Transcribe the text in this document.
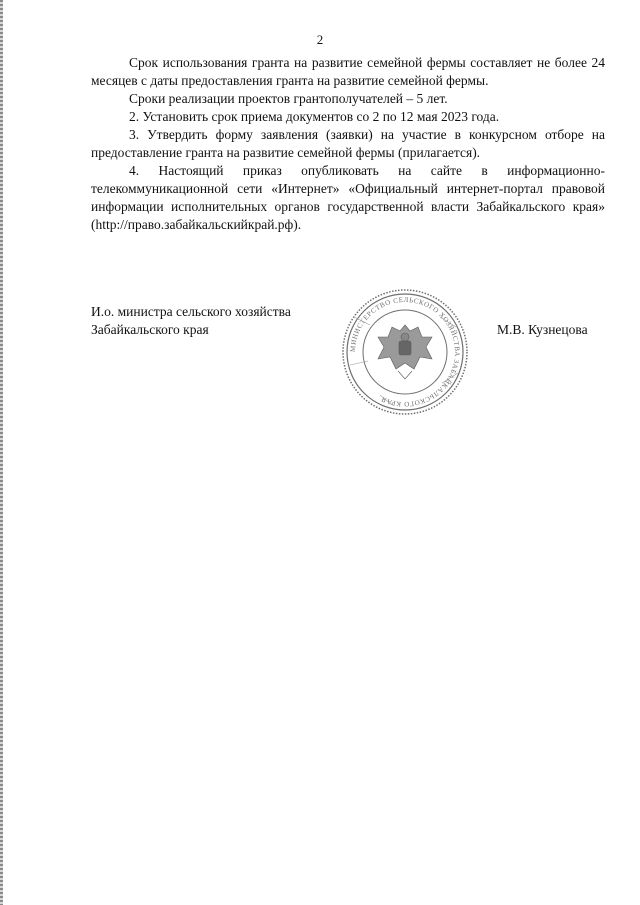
2

Срок использования гранта на развитие семейной фермы составляет не более 24 месяцев с даты предоставления гранта на развитие семейной фермы.

Сроки реализации проектов грантополучателей – 5 лет.

2. Установить срок приема документов со 2 по 12 мая 2023 года.

3. Утвердить форму заявления (заявки) на участие в конкурсном отборе на предоставление гранта на развитие семейной фермы (прилагается).

4. Настоящий приказ опубликовать на сайте в информационно-телекоммуникационной сети «Интернет» «Официальный интернет-портал правовой информации исполнительных органов государственной власти Забайкальского края» (http://право.забайкальскийкрай.рф).

И.о. министра сельского хозяйства

Забайкальского края	М.В. Кузнецова
МИНИСТЕРСТВО СЕЛЬСКОГО ХОЗЯЙСТВА ЗАБАЙКАЛЬСКОГО КРАЯ
